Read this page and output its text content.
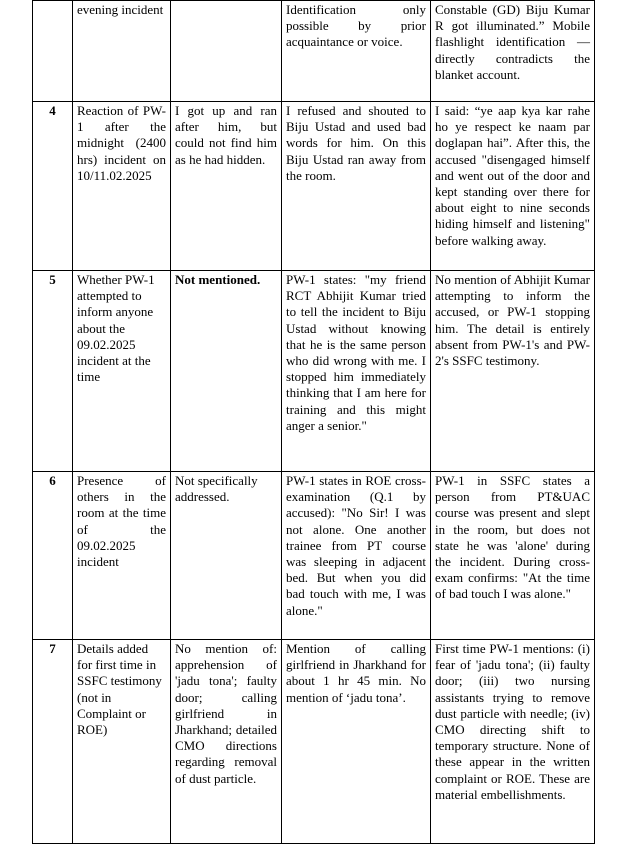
	evening incident		Identification only possible by prior acquaintance or voice.	Constable (GD) Biju Kumar R got illuminated.” Mobile flashlight identification — directly contradicts the blanket account.
4	Reaction of PW-1 after the midnight (2400 hrs) incident on 10/11.02.2025	I got up and ran after him, but could not find him as he had hidden.	I refused and shouted to Biju Ustad and used bad words for him. On this Biju Ustad ran away from the room.	I said: “ye aap kya kar rahe ho ye respect ke naam par doglapan hai”. After this, the accused "disengaged himself and went out of the door and kept standing over there for about eight to nine seconds hiding himself and listening" before walking away.
5	Whether PW-1 attempted to inform anyone about the 09.02.2025 incident at the time	Not mentioned.	PW-1 states: "my friend RCT Abhijit Kumar tried to tell the incident to Biju Ustad without knowing that he is the same person who did wrong with me. I stopped him immediately thinking that I am here for training and this might anger a senior."	No mention of Abhijit Kumar attempting to inform the accused, or PW-1 stopping him. The detail is entirely absent from PW-1's and PW-2's SSFC testimony.
6	Presence of others in the room at the time of the 09.02.2025 incident	Not specifically addressed.	PW-1 states in ROE cross-examination (Q.1 by accused): "No Sir! I was not alone. One another trainee from PT course was sleeping in adjacent bed. But when you did bad touch with me, I was alone."	PW-1 in SSFC states a person from PT&UAC course was present and slept in the room, but does not state he was 'alone' during the incident. During cross-exam confirms: "At the time of bad touch I was alone."
7	Details added for first time in SSFC testimony (not in Complaint or ROE)	No mention of: apprehension of 'jadu tona'; faulty door; calling girlfriend in Jharkhand; detailed CMO directions regarding removal of dust particle.	Mention of calling girlfriend in Jharkhand for about 1 hr 45 min. No mention of ‘jadu tona’.	First time PW-1 mentions: (i) fear of 'jadu tona'; (ii) faulty door; (iii) two nursing assistants trying to remove dust particle with needle; (iv) CMO directing shift to temporary structure. None of these appear in the written complaint or ROE. These are material embellishments.
